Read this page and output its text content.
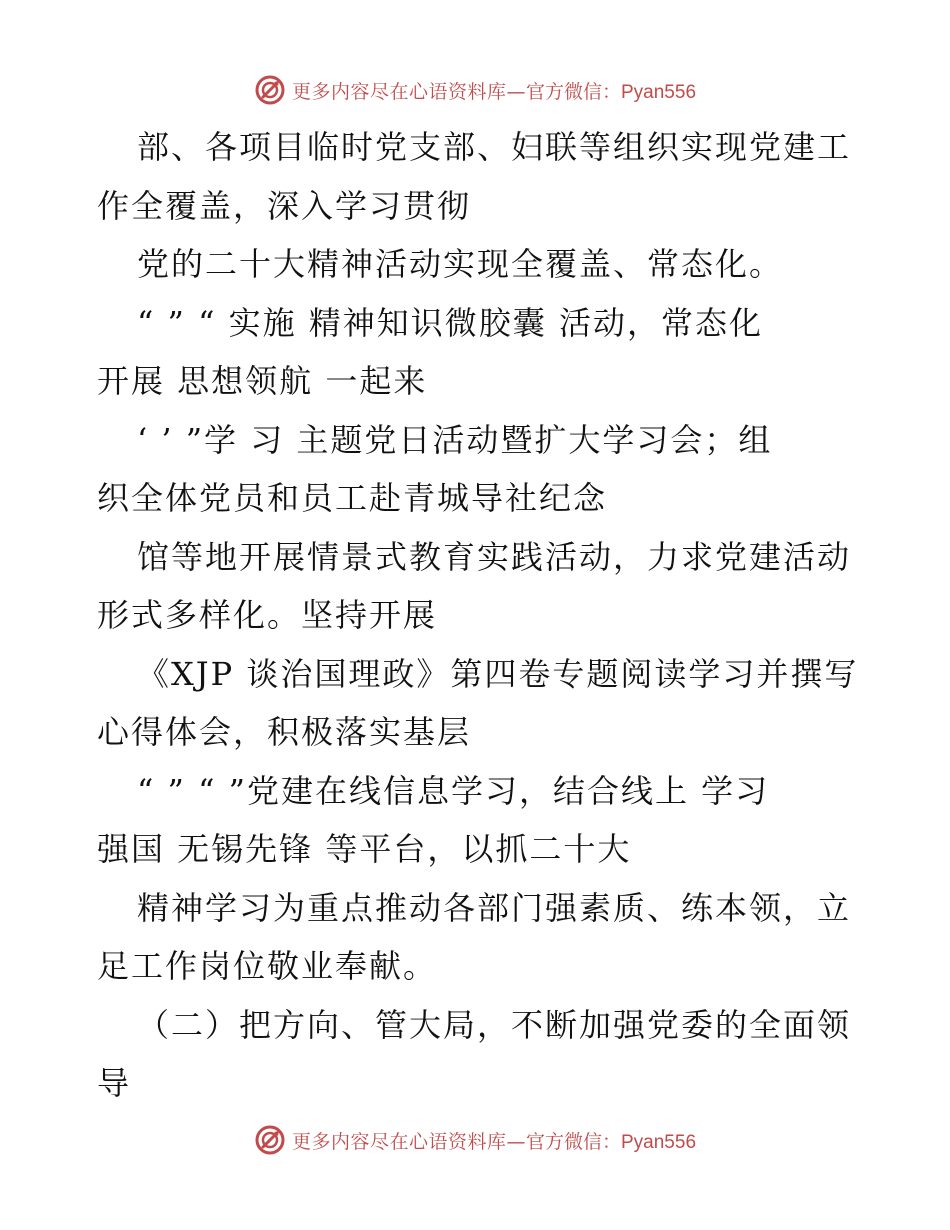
更多内容尽在心语资料库— 官方微信：Pyan556
部、各项目临时党支部、妇联等组织实现党建工
作全覆盖，深入学习贯彻
党的二十大精神活动实现全覆盖、常态化。
“ ” “ 实施 精神知识微胶囊 活动，常态化
开展 思想领航 一起来
‘ ’ ”学 习 主题党日活动暨扩大学习会；组
织全体党员和员工赴青城导社纪念
馆等地开展情景式教育实践活动，力求党建活动
形式多样化。坚持开展
《XJP 谈治国理政》第四卷专题阅读学习并撰写
心得体会，积极落实基层
“ ” “ ”党建在线信息学习，结合线上 学习
强国 无锡先锋 等平台，以抓二十大
精神学习为重点推动各部门强素质、练本领，立
足工作岗位敬业奉献。
（二）把方向、管大局，不断加强党委的全面领
导
更多内容尽在心语资料库— 官方微信：Pyan556
